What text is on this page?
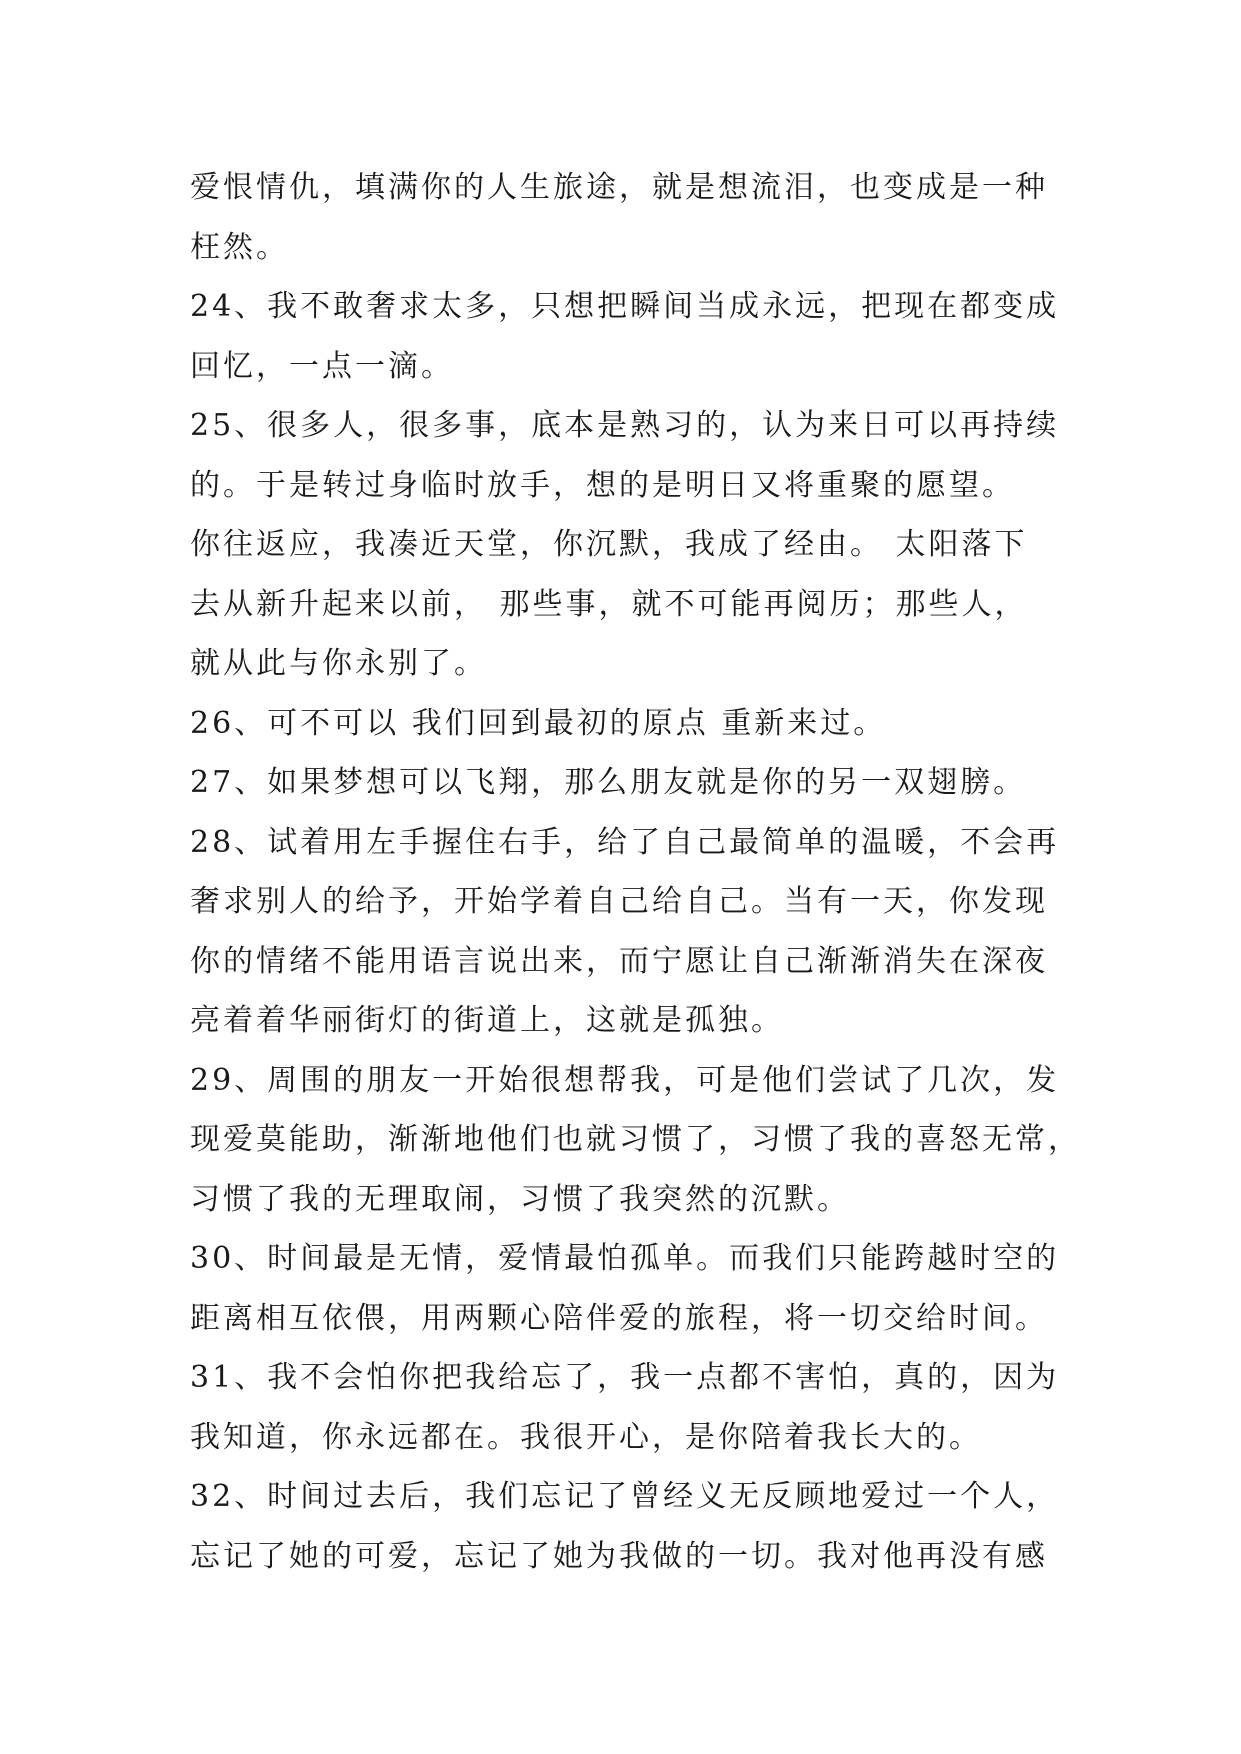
爱恨情仇，填满你的人生旅途，就是想流泪，也变成是一种
枉然。
24、我不敢奢求太多，只想把瞬间当成永远，把现在都变成
回忆，一点一滴。
25、很多人，很多事，底本是熟习的，认为来日可以再持续
的。于是转过身临时放手，想的是明日又将重聚的愿望。
你往返应，我凑近天堂，你沉默，我成了经由。 太阳落下
去从新升起来以前， 那些事，就不可能再阅历；那些人，
就从此与你永别了。
26、可不可以 我们回到最初的原点 重新来过。
27、如果梦想可以飞翔，那么朋友就是你的另一双翅膀。
28、试着用左手握住右手，给了自己最简单的温暖，不会再
奢求别人的给予，开始学着自己给自己。当有一天，你发现
你的情绪不能用语言说出来，而宁愿让自己渐渐消失在深夜
亮着着华丽街灯的街道上，这就是孤独。
29、周围的朋友一开始很想帮我，可是他们尝试了几次，发
现爱莫能助，渐渐地他们也就习惯了，习惯了我的喜怒无常，
习惯了我的无理取闹，习惯了我突然的沉默。
30、时间最是无情，爱情最怕孤单。而我们只能跨越时空的
距离相互依偎，用两颗心陪伴爱的旅程，将一切交给时间。
31、我不会怕你把我给忘了，我一点都不害怕，真的，因为
我知道，你永远都在。我很开心，是你陪着我长大的。
32、时间过去后，我们忘记了曾经义无反顾地爱过一个人，
忘记了她的可爱，忘记了她为我做的一切。我对他再没有感
